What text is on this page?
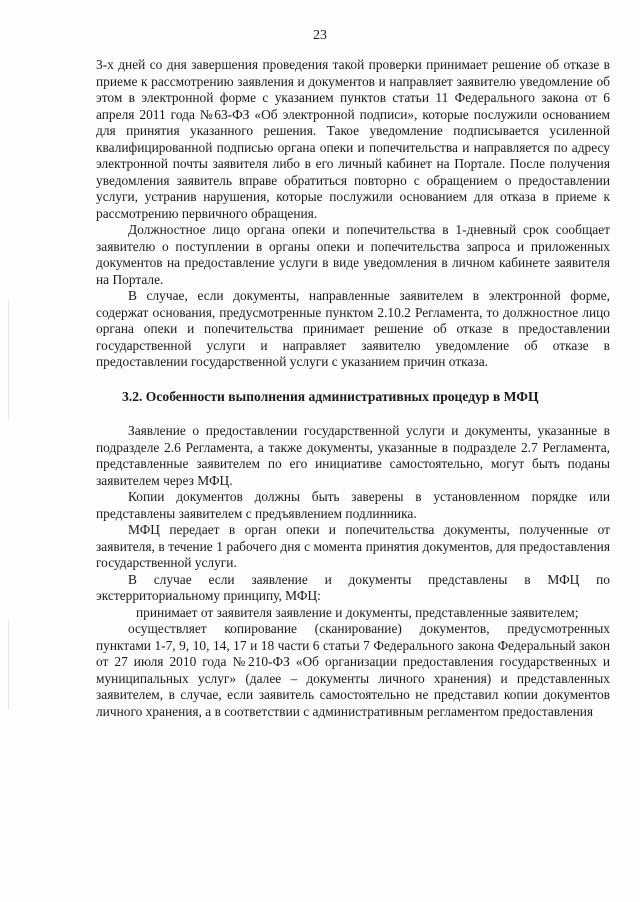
23

3-х дней со дня завершения проведения такой проверки принимает решение об отказе в приеме к рассмотрению заявления и документов и направляет заявителю уведомление об этом в электронной форме с указанием пунктов статьи 11 Федерального закона от 6 апреля 2011 года №63-ФЗ «Об электронной подписи», которые послужили основанием для принятия указанного решения. Такое уведомление подписывается усиленной квалифицированной подписью органа опеки и попечительства и направляется по адресу электронной почты заявителя либо в его личный кабинет на Портале. После получения уведомления заявитель вправе обратиться повторно с обращением о предоставлении услуги, устранив нарушения, которые послужили основанием для отказа в приеме к рассмотрению первичного обращения.

Должностное лицо органа опеки и попечительства в 1-дневный срок сообщает заявителю о поступлении в органы опеки и попечительства запроса и приложенных документов на предоставление услуги в виде уведомления в личном кабинете заявителя на Портале.

В случае, если документы, направленные заявителем в электронной форме, содержат основания, предусмотренные пунктом 2.10.2 Регламента, то должностное лицо органа опеки и попечительства принимает решение об отказе в предоставлении государственной услуги и направляет заявителю уведомление об отказе в предоставлении государственной услуги с указанием причин отказа.

3.2. Особенности выполнения административных процедур в МФЦ

Заявление о предоставлении государственной услуги и документы, указанные в подразделе 2.6 Регламента, а также документы, указанные в подразделе 2.7 Регламента, представленные заявителем по его инициативе самостоятельно, могут быть поданы заявителем через МФЦ.

Копии документов должны быть заверены в установленном порядке или представлены заявителем с предъявлением подлинника.

МФЦ передает в орган опеки и попечительства документы, полученные от заявителя, в течение 1 рабочего дня с момента принятия документов, для предоставления государственной услуги.

В случае если заявление и документы представлены в МФЦ по экстерриториальному принципу, МФЦ:

принимает от заявителя заявление и документы, представленные заявителем;

осуществляет копирование (сканирование) документов, предусмотренных пунктами 1-7, 9, 10, 14, 17 и 18 части 6 статьи 7 Федерального закона Федеральный закон от 27 июля 2010 года №210-ФЗ «Об организации предоставления государственных и муниципальных услуг» (далее – документы личного хранения) и представленных заявителем, в случае, если заявитель самостоятельно не представил копии документов личного хранения, а в соответствии с административным регламентом предоставления
